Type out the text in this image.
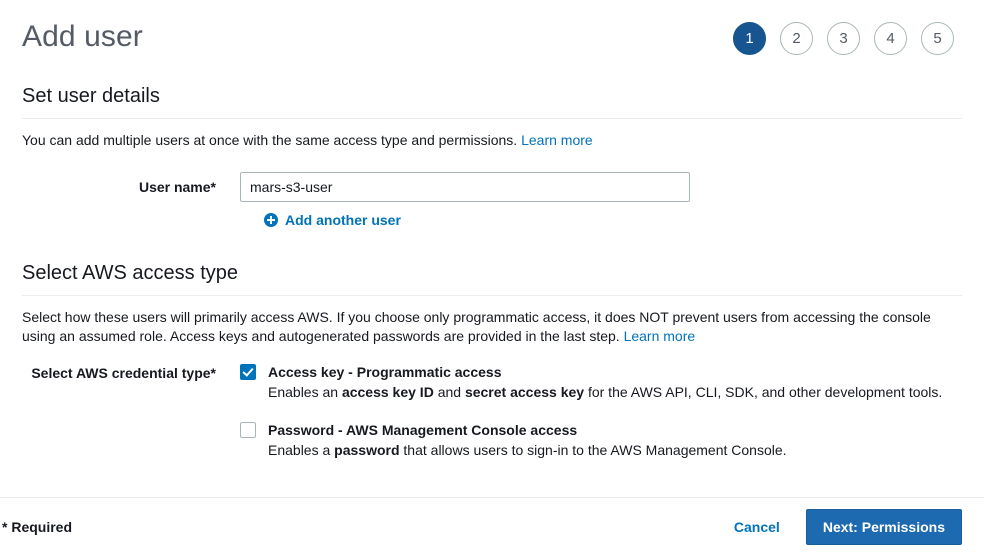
Add user	1	2	3	4	5
Set user details
You can add multiple users at once with the same access type and permissions. Learn more
User name*
mars-s3-user
Add another user
Select AWS access type
Select how these users will primarily access AWS. If you choose only programmatic access, it does NOT prevent users from accessing the console using an assumed role. Access keys and autogenerated passwords are provided in the last step. Learn more
Select AWS credential type*	Access key - Programmatic access
Enables an access key ID and secret access key for the AWS API, CLI, SDK, and other development tools.
Password - AWS Management Console access
Enables a password that allows users to sign-in to the AWS Management Console.
* Required	Cancel	Next: Permissions
